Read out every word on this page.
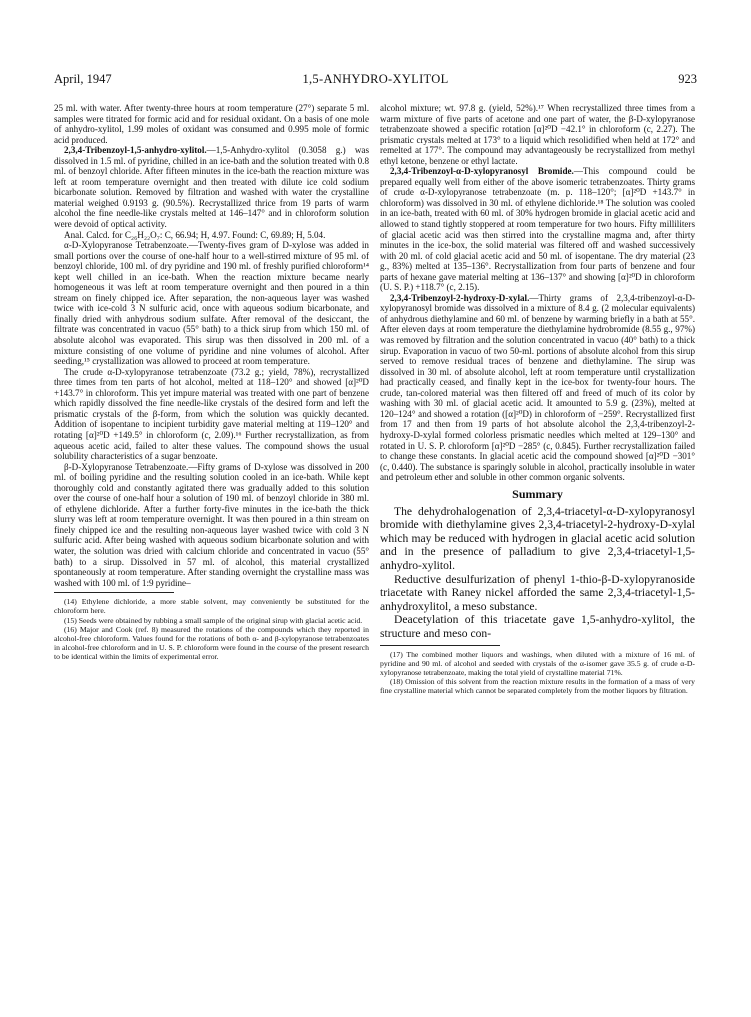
April, 1947	1,5-ANHYDRO-XYLITOL	923

25 ml. with water. After twenty-three hours at room temperature (27°) separate 5 ml. samples were titrated for formic acid and for residual oxidant. On a basis of one mole of anhydro-xylitol, 1.99 moles of oxidant was consumed and 0.995 mole of formic acid produced.

2,3,4-Tribenzoyl-1,5-anhydro-xylitol.—1,5-Anhydro-xylitol (0.3058 g.) was dissolved in 1.5 ml. of pyridine, chilled in an ice-bath and the solution treated with 0.8 ml. of benzoyl chloride. After fifteen minutes in the ice-bath the reaction mixture was left at room temperature overnight and then treated with dilute ice cold sodium bicarbonate solution. Removed by filtration and washed with water the crystalline material weighed 0.9193 g. (90.5%). Recrystallized thrice from 19 parts of warm alcohol the fine needle-like crystals melted at 146–147° and in chloroform solution were devoid of optical activity.

Anal. Calcd. for C₂₆H₂₂O₇: C, 66.94; H, 4.97. Found: C, 69.89; H, 5.04.

α-D-Xylopyranose Tetrabenzoate.—Twenty-fives gram of D-xylose was added in small portions over the course of one-half hour to a well-stirred mixture of 95 ml. of benzoyl chloride, 100 ml. of dry pyridine and 190 ml. of freshly purified chloroform¹⁴ kept well chilled in an ice-bath. When the reaction mixture became nearly homogeneous it was left at room temperature overnight and then poured in a thin stream on finely chipped ice. After separation, the non-aqueous layer was washed twice with ice-cold 3 N sulfuric acid, once with aqueous sodium bicarbonate, and finally dried with anhydrous sodium sulfate. After removal of the desiccant, the filtrate was concentrated in vacuo (55° bath) to a thick sirup from which 150 ml. of absolute alcohol was evaporated. This sirup was then dissolved in 200 ml. of a mixture consisting of one volume of pyridine and nine volumes of alcohol. After seeding,¹⁵ crystallization was allowed to proceed at room temperature.

The crude α-D-xylopyranose tetrabenzoate (73.2 g.; yield, 78%), recrystallized three times from ten parts of hot alcohol, melted at 118–120° and showed [α]²⁰D +143.7° in chloroform. This yet impure material was treated with one part of benzene which rapidly dissolved the fine needle-like crystals of the desired form and left the prismatic crystals of the β-form, from which the solution was quickly decanted. Addition of isopentane to incipient turbidity gave material melting at 119–120° and rotating [α]²⁰D +149.5° in chloroform (c, 2.09).¹⁶ Further recrystallization, as from aqueous acetic acid, failed to alter these values. The compound shows the usual solubility characteristics of a sugar benzoate.

β-D-Xylopyranose Tetrabenzoate.—Fifty grams of D-xylose was dissolved in 200 ml. of boiling pyridine and the resulting solution cooled in an ice-bath. While kept thoroughly cold and constantly agitated there was gradually added to this solution over the course of one-half hour a solution of 190 ml. of benzoyl chloride in 380 ml. of ethylene dichloride. After a further forty-five minutes in the ice-bath the thick slurry was left at room temperature overnight. It was then poured in a thin stream on finely chipped ice and the resulting non-aqueous layer washed twice with cold 3 N sulfuric acid. After being washed with aqueous sodium bicarbonate solution and with water, the solution was dried with calcium chloride and concentrated in vacuo (55° bath) to a sirup. Dissolved in 57 ml. of alcohol, this material crystallized spontaneously at room temperature. After standing overnight the crystalline mass was washed with 100 ml. of 1:9 pyridine–

(14) Ethylene dichloride, a more stable solvent, may conveniently be substituted for the chloroform here.

(15) Seeds were obtained by rubbing a small sample of the original sirup with glacial acetic acid.

(16) Major and Cook (ref. 8) measured the rotations of the compounds which they reported in alcohol-free chloroform. Values found for the rotations of both α- and β-xylopyranose tetrabenzoates in alcohol-free chloroform and in U. S. P. chloroform were found in the course of the present research to be identical within the limits of experimental error.

alcohol mixture; wt. 97.8 g. (yield, 52%).¹⁷ When recrystallized three times from a warm mixture of five parts of acetone and one part of water, the β-D-xylopyranose tetrabenzoate showed a specific rotation [α]²⁰D −42.1° in chloroform (c, 2.27). The prismatic crystals melted at 173° to a liquid which resolidified when held at 172° and remelted at 177°. The compound may advantageously be recrystallized from methyl ethyl ketone, benzene or ethyl lactate.

2,3,4-Tribenzoyl-α-D-xylopyranosyl Bromide.—This compound could be prepared equally well from either of the above isomeric tetrabenzoates. Thirty grams of crude α-D-xylopyranose tetrabenzoate (m. p. 118–120°; [α]²⁰D +143.7° in chloroform) was dissolved in 30 ml. of ethylene dichloride.¹⁸ The solution was cooled in an ice-bath, treated with 60 ml. of 30% hydrogen bromide in glacial acetic acid and allowed to stand tightly stoppered at room temperature for two hours. Fifty milliliters of glacial acetic acid was then stirred into the crystalline magma and, after thirty minutes in the ice-box, the solid material was filtered off and washed successively with 20 ml. of cold glacial acetic acid and 50 ml. of isopentane. The dry material (23 g., 83%) melted at 135–136°. Recrystallization from four parts of benzene and four parts of hexane gave material melting at 136–137° and showing [α]²⁰D in chloroform (U. S. P.) +118.7° (c, 2.15).

2,3,4-Tribenzoyl-2-hydroxy-D-xylal.—Thirty grams of 2,3,4-tribenzoyl-α-D-xylopyranosyl bromide was dissolved in a mixture of 8.4 g. (2 molecular equivalents) of anhydrous diethylamine and 60 ml. of benzene by warming briefly in a bath at 55°. After eleven days at room temperature the diethylamine hydrobromide (8.55 g., 97%) was removed by filtration and the solution concentrated in vacuo (40° bath) to a thick sirup. Evaporation in vacuo of two 50-ml. portions of absolute alcohol from this sirup served to remove residual traces of benzene and diethylamine. The sirup was dissolved in 30 ml. of absolute alcohol, left at room temperature until crystallization had practically ceased, and finally kept in the ice-box for twenty-four hours. The crude, tan-colored material was then filtered off and freed of much of its color by washing with 30 ml. of glacial acetic acid. It amounted to 5.9 g. (23%), melted at 120–124° and showed a rotation ([α]²⁰D) in chloroform of −259°. Recrystallized first from 17 and then from 19 parts of hot absolute alcohol the 2,3,4-tribenzoyl-2-hydroxy-D-xylal formed colorless prismatic needles which melted at 129–130° and rotated in U. S. P. chloroform [α]²⁰D −285° (c, 0.845). Further recrystallization failed to change these constants. In glacial acetic acid the compound showed [α]²⁰D −301° (c, 0.440). The substance is sparingly soluble in alcohol, practically insoluble in water and petroleum ether and soluble in other common organic solvents.

Summary

The dehydrohalogenation of 2,3,4-triacetyl-α-D-xylopyranosyl bromide with diethylamine gives 2,3,4-triacetyl-2-hydroxy-D-xylal which may be reduced with hydrogen in glacial acetic acid solution and in the presence of palladium to give 2,3,4-triacetyl-1,5-anhydro-xylitol.

Reductive desulfurization of phenyl 1-thio-β-D-xylopyranoside triacetate with Raney nickel afforded the same 2,3,4-triacetyl-1,5-anhydroxylitol, a meso substance.

Deacetylation of this triacetate gave 1,5-anhydro-xylitol, the structure and meso con-

(17) The combined mother liquors and washings, when diluted with a mixture of 16 ml. of pyridine and 90 ml. of alcohol and seeded with crystals of the α-isomer gave 35.5 g. of crude α-D-xylopyranose tetrabenzoate, making the total yield of crystalline material 71%.

(18) Omission of this solvent from the reaction mixture results in the formation of a mass of very fine crystalline material which cannot be separated completely from the mother liquors by filtration.
